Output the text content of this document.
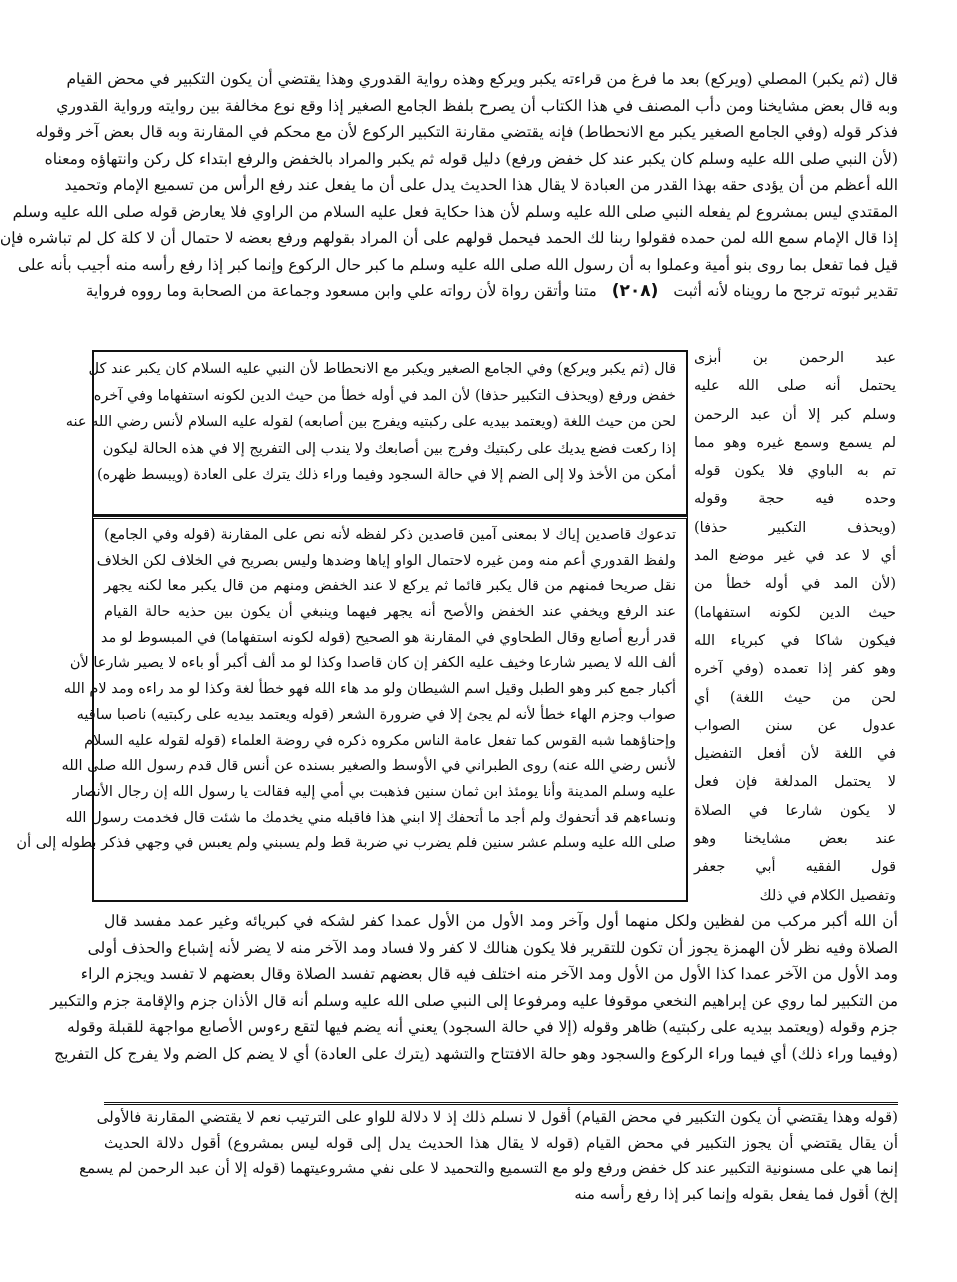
قال (ثم يكبر) المصلي (ويركع) بعد ما فرغ من قراءته يكبر ويركع وهذه رواية القدوري وهذا يقتضي أن يكون التكبير في محض القيام
وبه قال بعض مشايخنا ومن دأب المصنف في هذا الكتاب أن يصرح بلفظ الجامع الصغير إذا وقع نوع مخالفة بين روايته ورواية القدوري
فذكر قوله (وفي الجامع الصغير يكبر مع الانحطاط) فإنه يقتضي مقارنة التكبير الركوع لأن مع محكم في المقارنة وبه قال بعض آخر وقوله
(لأن النبي صلى الله عليه وسلم كان يكبر عند كل خفض ورفع) دليل قوله ثم يكبر والمراد بالخفض والرفع ابتداء كل ركن وانتهاؤه ومعناه
الله أعظم من أن يؤدى حقه بهذا القدر من العبادة لا يقال هذا الحديث يدل على أن ما يفعل عند رفع الرأس من تسميع الإمام وتحميد
المقتدي ليس بمشروع لم يفعله النبي صلى الله عليه وسلم لأن هذا حكاية فعل عليه السلام من الراوي فلا يعارض قوله صلى الله عليه وسلم
إذا قال الإمام سمع الله لمن حمده فقولوا ربنا لك الحمد فيحمل قولهم على أن المراد بقولهم ورفع بعضه لا حتمال أن لا كلة كل لم تباشره فإن
قيل فما تفعل بما روى بنو أمية وعملوا به أن رسول الله صلى الله عليه وسلم ما كبر حال الركوع وإنما كبر إذا رفع رأسه منه أجيب بأنه على
تقدير ثبوته ترجح ما رويناه لأنه أثبت (٢٠٨) متنا وأتقن رواة لأن رواته علي وابن مسعود وجماعة من الصحابة وما رووه فرواية
عبد الرحمن بن أبزى
يحتمل أنه صلى الله عليه
وسلم كبر إلا أن عبد الرحمن
لم يسمع وسمع غيره وهو مما
تم به الباوي فلا يكون قوله
وحده فيه حجة وقوله
(ويحذف التكبير حذفا)
أي لا عد في غير موضع المد
(لأن المد في أوله خطأ من
حيث الدين لكونه استفهاما)
فيكون شاكا في كبرياء الله
وهو كفر إذا تعمده (وفي آخره
لحن من حيث اللغة) أي
عدول عن سنن الصواب
في اللغة لأن أفعل التفضيل
لا يحتمل المدلغة فإن فعل
لا يكون شارعا في الصلاة
عند بعض مشايخنا وهو
قول الفقيه أبي جعفر
وتفصيل الكلام في ذلك
قال (ثم يكبر ويركع) وفي الجامع الصغير ويكبر مع الانحطاط لأن النبي عليه السلام كان يكبر عند كل
خفض ورفع (ويحذف التكبير حذفا) لأن المد في أوله خطأ من حيث الدين لكونه استفهاما وفي آخره
لحن من حيث اللغة (ويعتمد بيديه على ركبتيه ويفرج بين أصابعه) لقوله عليه السلام لأنس رضي الله عنه
إذا ركعت فضع يديك على ركبتيك وفرج بين أصابعك ولا يندب إلى التفريج إلا في هذه الحالة ليكون
أمكن من الأخذ ولا إلى الضم إلا في حالة السجود وفيما وراء ذلك يترك على العادة (ويبسط ظهره)
تدعوك قاصدين إياك لا بمعنى آمين قاصدين ذكر لفظه لأنه نص على المقارنة (قوله وفي الجامع)
ولفظ القدوري أعم منه ومن غيره لاحتمال الواو إياها وضدها وليس بصريح في الخلاف لكن الخلاف
نقل صريحا فمنهم من قال يكبر قائما ثم يركع لا عند الخفض ومنهم من قال يكبر معا لكنه يجهر
عند الرفع ويخفي عند الخفض والأصح أنه يجهر فيهما وينبغي أن يكون بين حذيه حالة القيام
قدر أربع أصابع وقال الطحاوي في المقارنة هو الصحيح (قوله لكونه استفهاما) في المبسوط لو مد
ألف الله لا يصير شارعا وخيف عليه الكفر إن كان قاصدا وكذا لو مد ألف أكبر أو باءه لا يصير شارعا لأن
أكبار جمع كبر وهو الطبل وقيل اسم الشيطان ولو مد هاء الله فهو خطأ لغة وكذا لو مد راءه ومد لام الله
صواب وجزم الهاء خطأ لأنه لم يجئ إلا في ضرورة الشعر (قوله ويعتمد بيديه على ركبتيه) ناصبا ساقيه
وإحناؤهما شبه القوس كما تفعل عامة الناس مكروه ذكره في روضة العلماء (قوله لقوله عليه السلام
لأنس رضي الله عنه) روى الطبراني في الأوسط والصغير بسنده عن أنس قال قدم رسول الله صلى الله
عليه وسلم المدينة وأنا يومئذ ابن ثمان سنين فذهبت بي أمي إليه فقالت يا رسول الله إن رجال الأنصار
ونساءهم قد أتحفوك ولم أجد ما أتحفك إلا ابني هذا فاقبله مني يخدمك ما شئت قال فخدمت رسول الله
صلى الله عليه وسلم عشر سنين فلم يضرب ني ضربة قط ولم يسبني ولم يعبس في وجهي فذكر بطوله إلى أن
أن الله أكبر مركب من لفظين ولكل منهما أول وآخر ومد الأول من الأول عمدا كفر لشكه في كبريائه وغير عمد مفسد قال
الصلاة وفيه نظر لأن الهمزة يجوز أن تكون للتقرير فلا يكون هنالك لا كفر ولا فساد ومد الآخر منه لا يضر لأنه إشباع والحذف أولى
ومد الأول من الآخر عمدا كذا الأول من الأول ومد الآخر منه اختلف فيه قال بعضهم تفسد الصلاة وقال بعضهم لا تفسد ويجزم الراء
من التكبير لما روي عن إبراهيم النخعي موقوفا عليه ومرفوعا إلى النبي صلى الله عليه وسلم أنه قال الأذان جزم والإقامة جزم والتكبير
جزم وقوله (ويعتمد بيديه على ركبتيه) ظاهر وقوله (إلا في حالة السجود) يعني أنه يضم فيها لتقع رءوس الأصابع مواجهة للقبلة وقوله
(وفيما وراء ذلك) أي فيما وراء الركوع والسجود وهو حالة الافتتاح والتشهد (يترك على العادة) أي لا يضم كل الضم ولا يفرج كل التفريج
(قوله وهذا يقتضي أن يكون التكبير في محض القيام) أقول لا نسلم ذلك إذ لا دلالة للواو على الترتيب نعم لا يقتضي المقارنة فالأولى
أن يقال يقتضي أن يجوز التكبير في محض القيام (قوله لا يقال هذا الحديث يدل إلى قوله ليس بمشروع) أقول دلالة الحديث
إنما هي على مسنونية التكبير عند كل خفض ورفع ولو مع التسميع والتحميد لا على نفي مشروعيتهما (قوله إلا أن عبد الرحمن لم يسمع
إلخ) أقول فما يفعل بقوله وإنما كبر إذا رفع رأسه منه
